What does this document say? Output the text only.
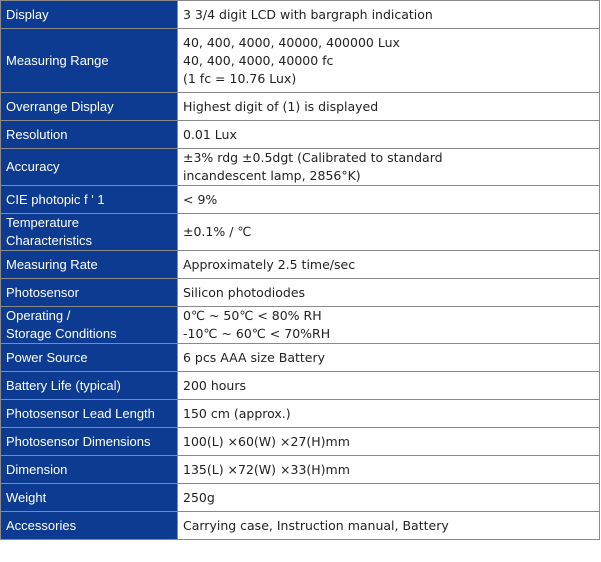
Display	3 3/4 digit LCD with bargraph indication

Measuring Range	40, 400, 4000, 40000, 400000 Lux
40, 400, 4000, 40000 fc
(1 fc = 10.76 Lux)

Overrange Display	Highest digit of (1) is displayed

Resolution	0.01 Lux

Accuracy	±3% rdg ±0.5dgt (Calibrated to standard
incandescent lamp, 2856°K)

CIE photopic f ' 1	< 9%

Temperature
Characteristics	±0.1% / ℃

Measuring Rate	Approximately 2.5 time/sec

Photosensor	Silicon photodiodes

Operating /
Storage Conditions	0℃ ~ 50℃ < 80% RH
-10℃ ~ 60℃ < 70%RH

Power Source	6 pcs AAA size Battery

Battery Life (typical)	200 hours

Photosensor Lead Length	150 cm (approx.)

Photosensor Dimensions	100(L) ×60(W) ×27(H)mm

Dimension	135(L) ×72(W) ×33(H)mm

Weight	250g

Accessories	Carrying case, Instruction manual, Battery
